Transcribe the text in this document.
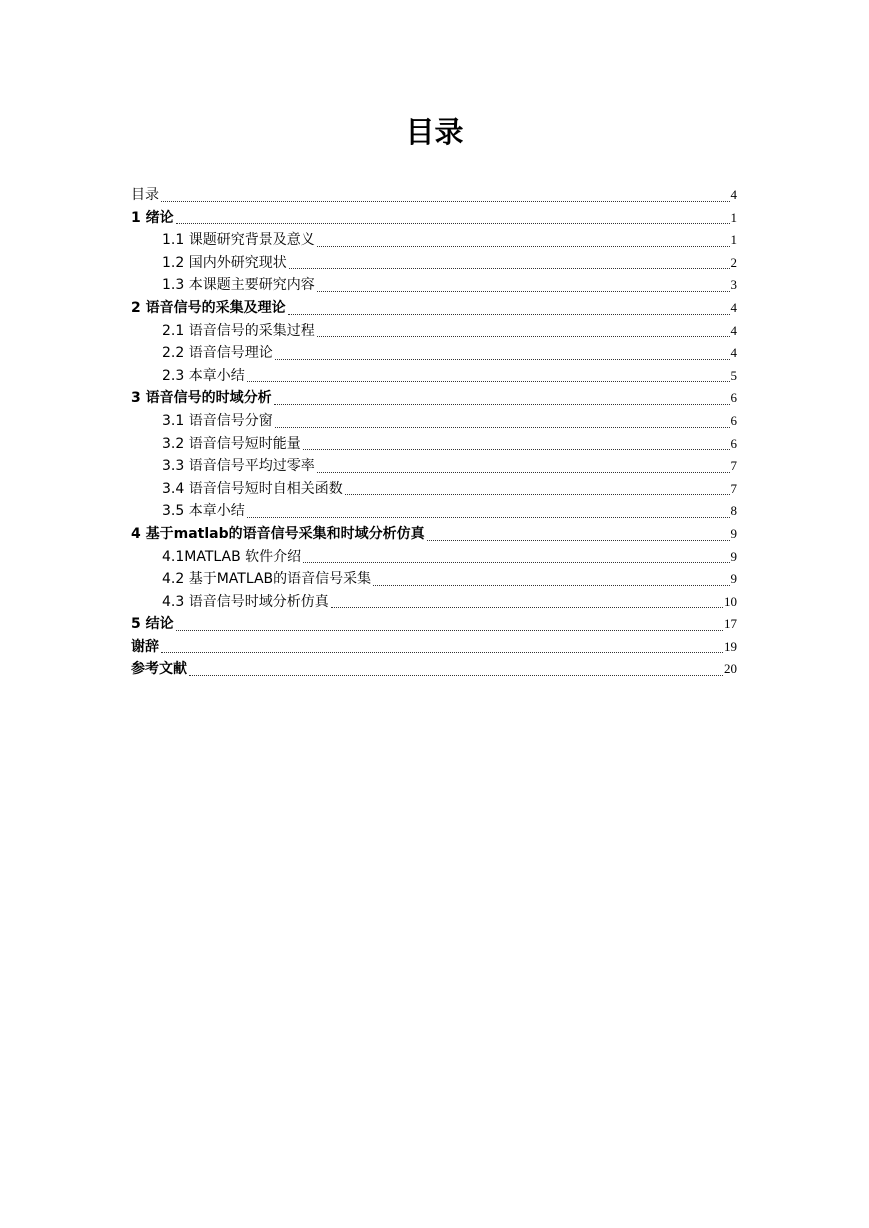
目录
目录	4
1 绪论	1
1.1 课题研究背景及意义	1
1.2 国内外研究现状	2
1.3 本课题主要研究内容	3
2 语音信号的采集及理论	4
2.1 语音信号的采集过程	4
2.2 语音信号理论	4
2.3 本章小结	5
3 语音信号的时域分析	6
3.1 语音信号分窗	6
3.2 语音信号短时能量	6
3.3 语音信号平均过零率	7
3.4 语音信号短时自相关函数	7
3.5 本章小结	8
4 基于matlab的语音信号采集和时域分析仿真	9
4.1MATLAB 软件介绍	9
4.2 基于MATLAB的语音信号采集	9
4.3 语音信号时域分析仿真	10
5 结论	17
谢辞	19
参考文献	20
